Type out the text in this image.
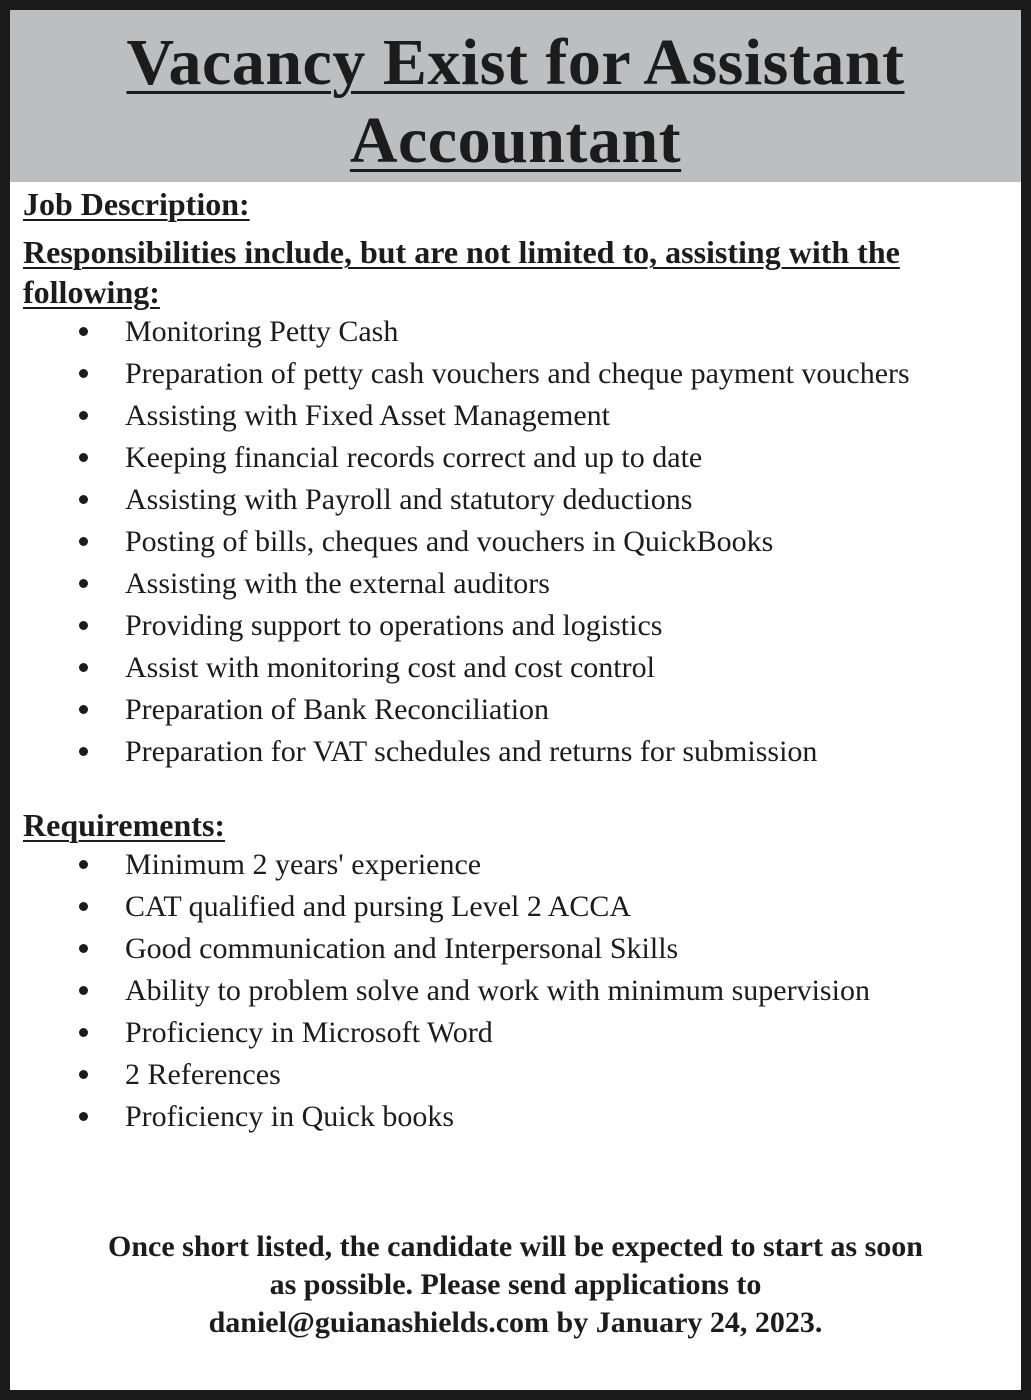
Vacancy Exist for Assistant
Accountant
Job Description:
Responsibilities include, but are not limited to, assisting with the following:
Monitoring Petty Cash
Preparation of petty cash vouchers and cheque payment vouchers
Assisting with Fixed Asset Management
Keeping financial records correct and up to date
Assisting with Payroll and statutory deductions
Posting of bills, cheques and vouchers in QuickBooks
Assisting with the external auditors
Providing support to operations and logistics
Assist with monitoring cost and cost control
Preparation of Bank Reconciliation
Preparation for VAT schedules and returns for submission
Requirements:
Minimum 2 years' experience
CAT qualified and pursing Level 2 ACCA
Good communication and Interpersonal Skills
Ability to problem solve and work with minimum supervision
Proficiency in Microsoft Word
2 References
Proficiency in Quick books

Once short listed, the candidate will be expected to start as soon
as possible. Please send applications to
daniel@guianashields.com by January 24, 2023.
